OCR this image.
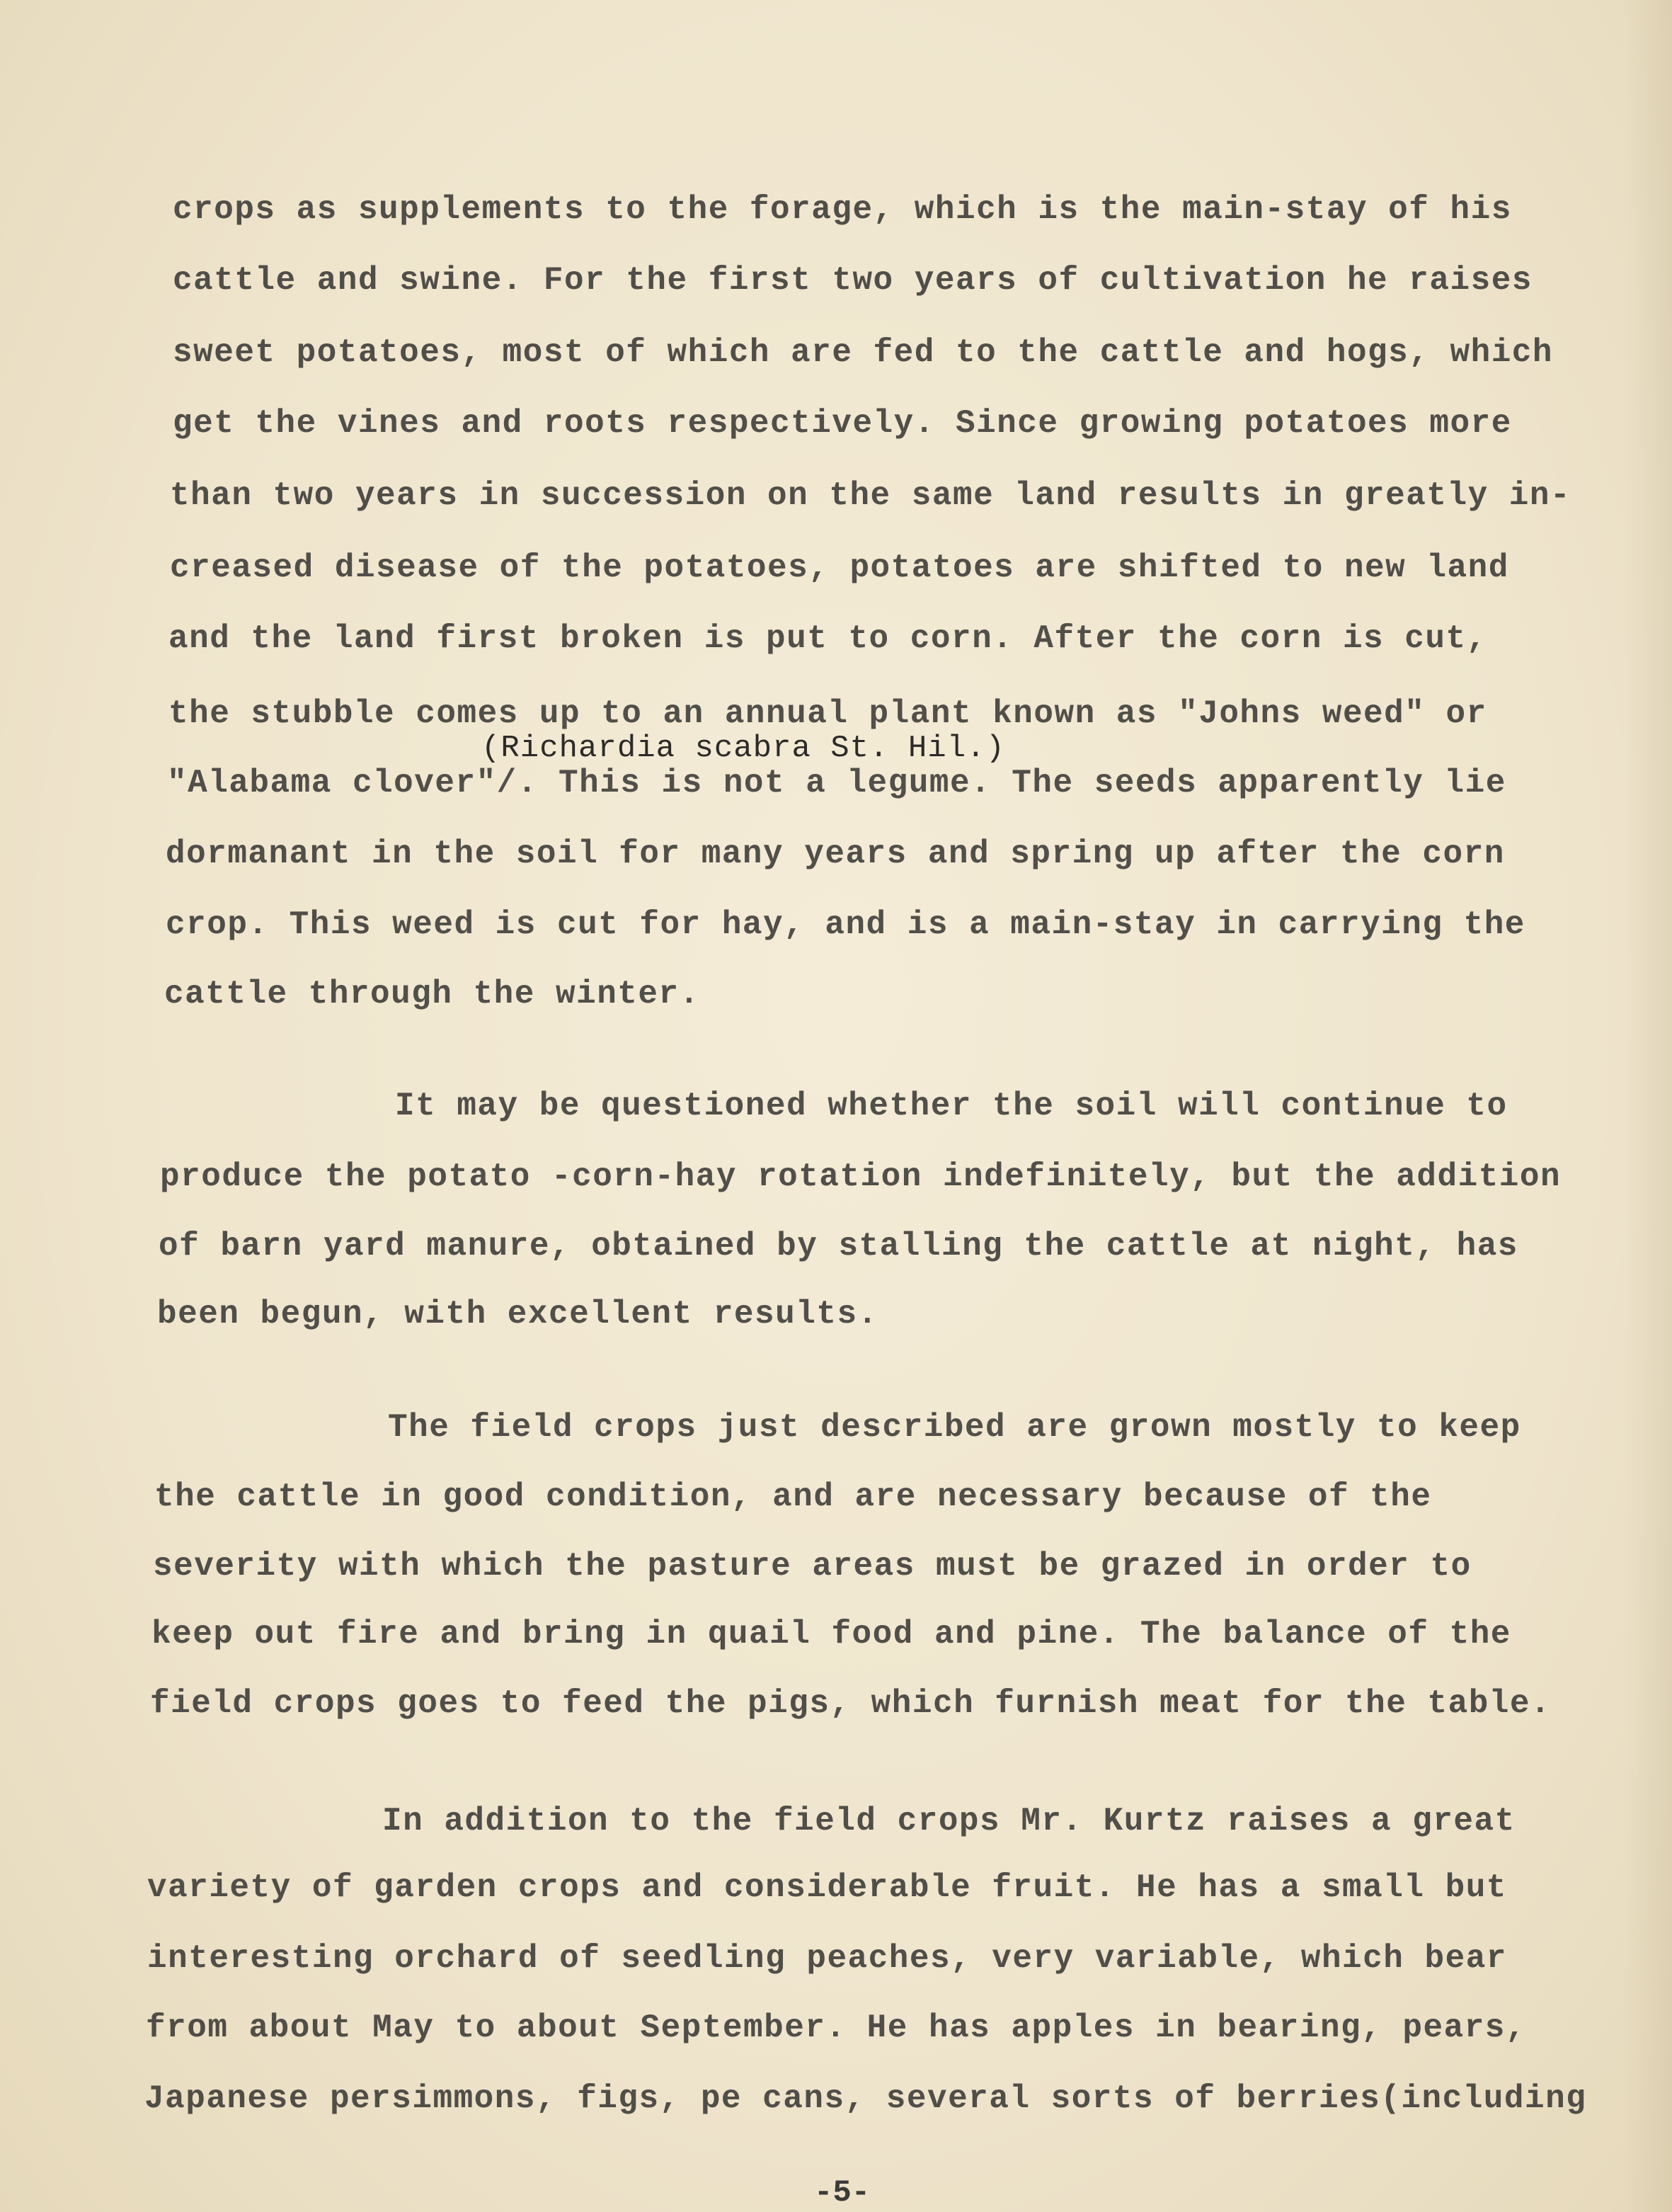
crops as supplements to the forage, which is the main-stay of his
cattle and swine. For the first two years of cultivation he raises
sweet potatoes, most of which are fed to the cattle and hogs, which
get the vines and roots respectively. Since growing potatoes more
than two years in succession on the same land results in greatly in-
creased disease of the potatoes, potatoes are shifted to new land
and the land first broken is put to corn. After the corn is cut,
the stubble comes up to an annual plant known as "Johns weed" or
(Richardia scabra St. Hil.)
"Alabama clover"/. This is not a legume. The seeds apparently lie
dormanant in the soil for many years and spring up after the corn
crop. This weed is cut for hay, and is a main-stay in carrying the
cattle through the winter.
It may be questioned whether the soil will continue to
produce the potato -corn-hay rotation indefinitely, but the addition
of barn yard manure, obtained by stalling the cattle at night, has
been begun, with excellent results.
The field crops just described are grown mostly to keep
the cattle in good condition, and are necessary because of the
severity with which the pasture areas must be grazed in order to
keep out fire and bring in quail food and pine. The balance of the
field crops goes to feed the pigs, which furnish meat for the table.
In addition to the field crops Mr. Kurtz raises a great
variety of garden crops and considerable fruit. He has a small but
interesting orchard of seedling peaches, very variable, which bear
from about May to about September. He has apples in bearing, pears,
Japanese persimmons, figs, pe cans, several sorts of berries(including
-5-
